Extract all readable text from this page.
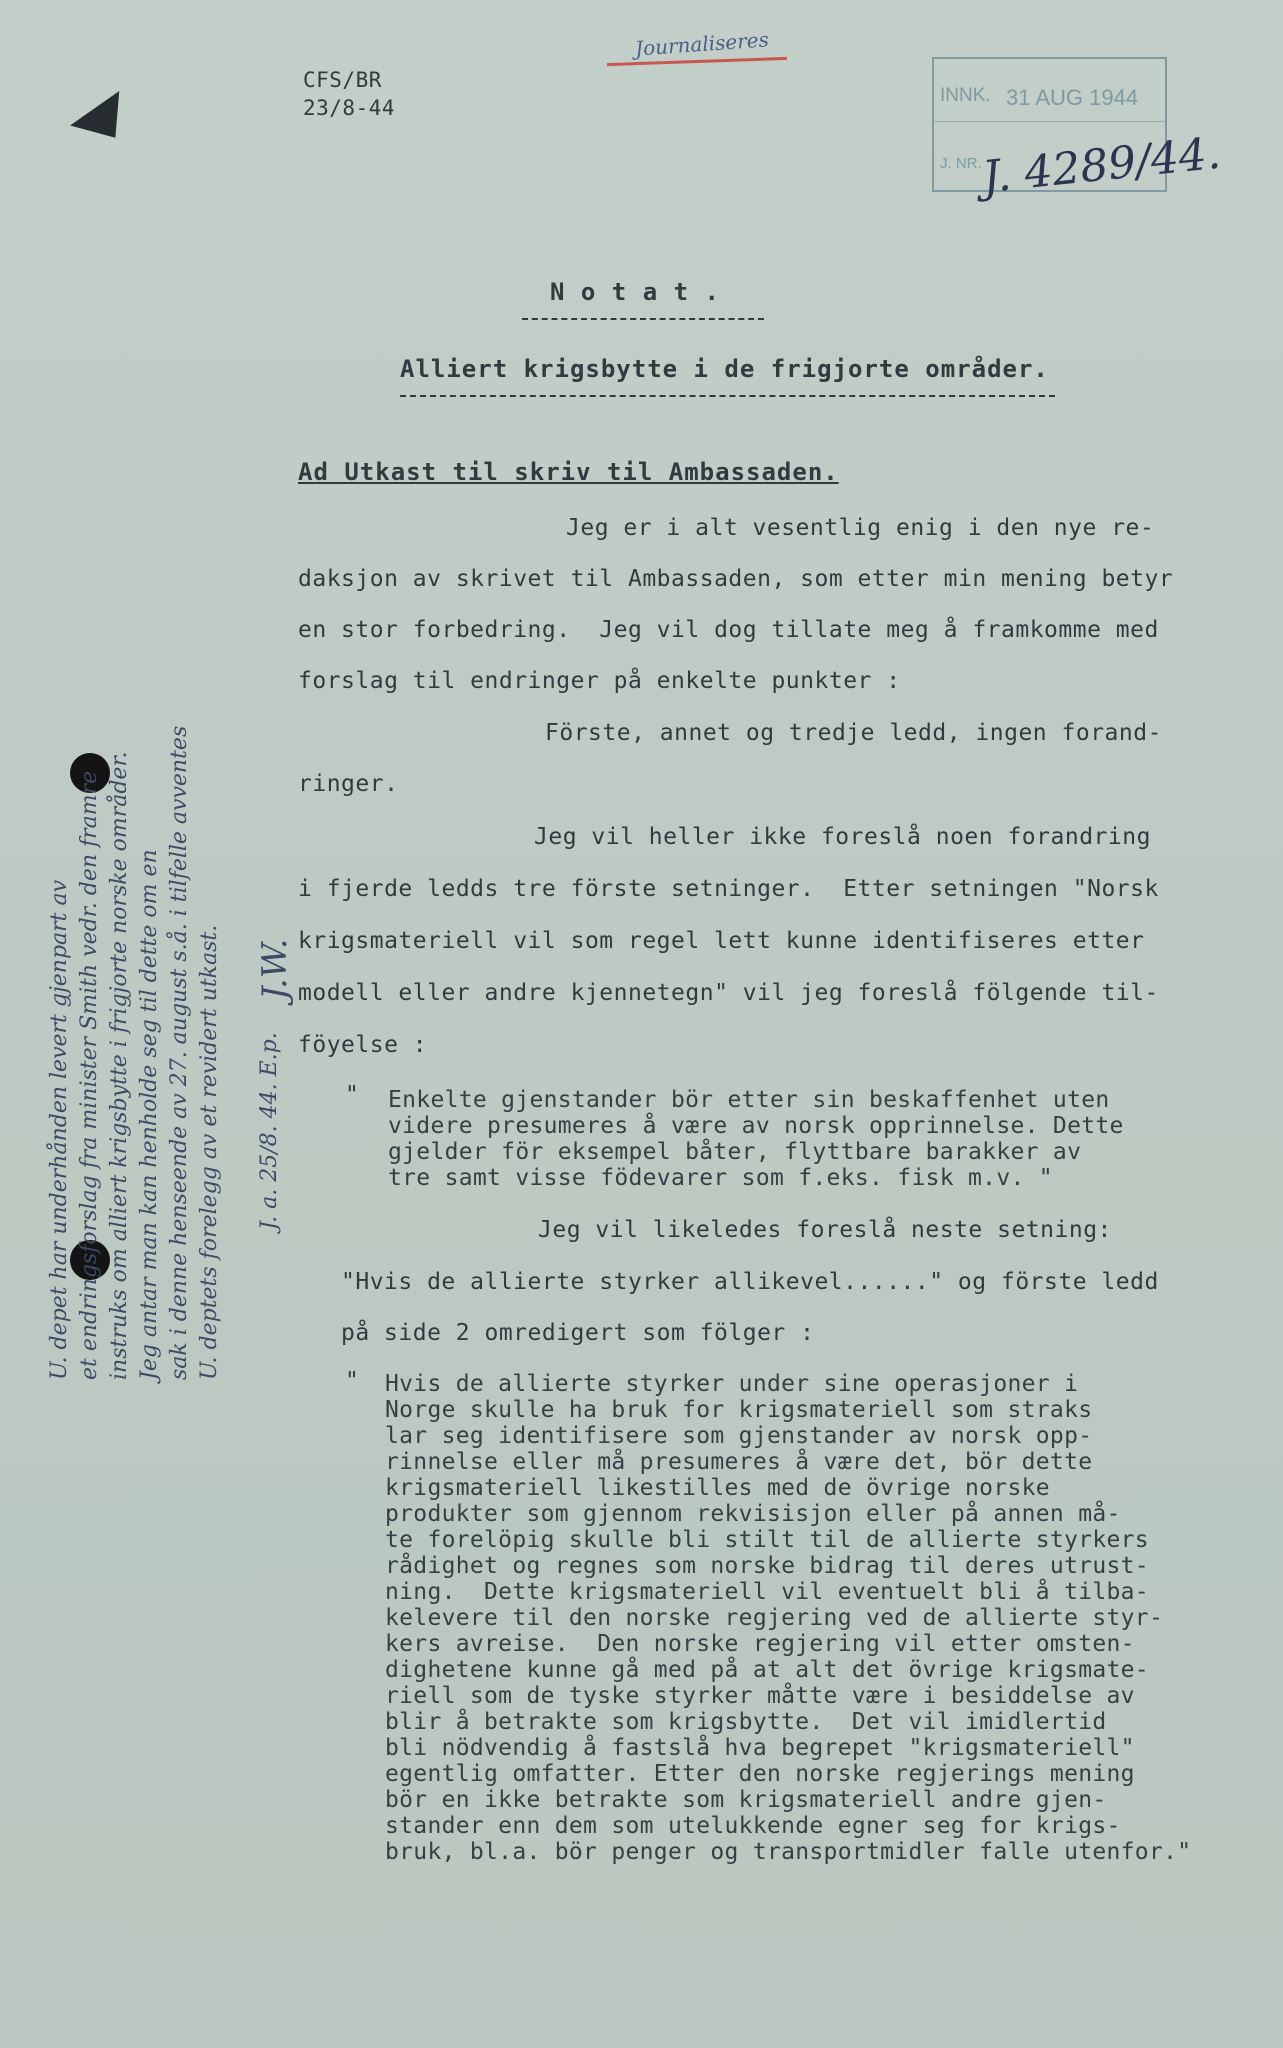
CFS/BR
23/8-44
Journaliseres
INNK. 31 AUG 1944
J. NR.
J. 4289/44.
N o t a t .
Alliert krigsbytte i de frigjorte områder.
Ad Utkast til skriv til Ambassaden.
Jeg er i alt vesentlig enig i den nye re-
daksjon av skrivet til Ambassaden, som etter min mening betyr
en stor forbedring.  Jeg vil dog tillate meg å framkomme med
forslag til endringer på enkelte punkter :
Förste, annet og tredje ledd, ingen forand-
ringer.
Jeg vil heller ikke foreslå noen forandring
i fjerde ledds tre förste setninger.  Etter setningen "Norsk
krigsmateriell vil som regel lett kunne identifiseres etter
modell eller andre kjennetegn" vil jeg foreslå fölgende til-
föyelse :
" Enkelte gjenstander bör etter sin beskaffenhet uten
videre presumeres å være av norsk opprinnelse. Dette
gjelder för eksempel båter, flyttbare barakker av
tre samt visse födevarer som f.eks. fisk m.v. "
Jeg vil likeledes foreslå neste setning:
"Hvis de allierte styrker allikevel......" og förste ledd
på side 2 omredigert som fölger :
" Hvis de allierte styrker under sine operasjoner i
Norge skulle ha bruk for krigsmateriell som straks
lar seg identifisere som gjenstander av norsk opp-
rinnelse eller må presumeres å være det, bör dette
krigsmateriell likestilles med de övrige norske
produkter som gjennom rekvisisjon eller på annen må-
te forelöpig skulle bli stilt til de allierte styrkers
rådighet og regnes som norske bidrag til deres utrust-
ning.  Dette krigsmateriell vil eventuelt bli å tilba-
kelevere til den norske regjering ved de allierte styr-
kers avreise.  Den norske regjering vil etter omsten-
dighetene kunne gå med på at alt det övrige krigsmate-
riell som de tyske styrker måtte være i besiddelse av
blir å betrakte som krigsbytte.  Det vil imidlertid
bli nödvendig å fastslå hva begrepet "krigsmateriell"
egentlig omfatter. Etter den norske regjerings mening
bör en ikke betrakte som krigsmateriell andre gjen-
stander enn dem som utelukkende egner seg for krigs-
bruk, bl.a. bör penger og transportmidler falle utenfor."
U. depet har underhånden levert gjenpart av et endringsforslag fra minister Smith vedr. den framre instruks om alliert krigsbytte i frigjorte norske områder. Jeg antar man kan henholde seg til dette om en sak i denne henseende av 27. august s.å. i tilfelle avventes U. deptets forelegg av et revidert utkast. J. a. 25/8. 44. E.p.
J.W.
